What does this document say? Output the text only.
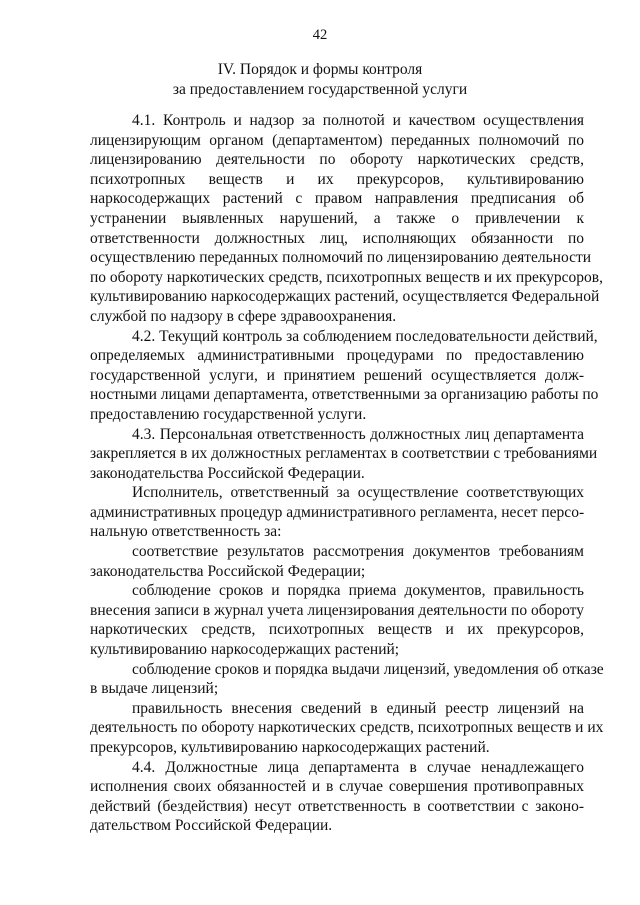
42
IV. Порядок и формы контроля
за предоставлением государственной услуги
4.1. Контроль и надзор за полнотой и качеством осуществления
лицензирующим органом (департаментом) переданных полномочий по
лицензированию деятельности по обороту наркотических средств,
психотропных веществ и их прекурсоров, культивированию
наркосодержащих растений с правом направления предписания об
устранении выявленных нарушений, а также о привлечении к
ответственности должностных лиц, исполняющих обязанности по
осуществлению переданных полномочий по лицензированию деятельности
по обороту наркотических средств, психотропных веществ и их прекурсоров,
культивированию наркосодержащих растений, осуществляется Федеральной
службой по надзору в сфере здравоохранения.
4.2. Текущий контроль за соблюдением последовательности действий,
определяемых административными процедурами по предоставлению
государственной услуги, и принятием решений осуществляется долж-
ностными лицами департамента, ответственными за организацию работы по
предоставлению государственной услуги.
4.3. Персональная ответственность должностных лиц департамента
закрепляется в их должностных регламентах в соответствии с требованиями
законодательства Российской Федерации.
Исполнитель, ответственный за осуществление соответствующих
административных процедур административного регламента, несет персо-
нальную ответственность за:
соответствие результатов рассмотрения документов требованиям
законодательства Российской Федерации;
соблюдение сроков и порядка приема документов, правильность
внесения записи в журнал учета лицензирования деятельности по обороту
наркотических средств, психотропных веществ и их прекурсоров,
культивированию наркосодержащих растений;
соблюдение сроков и порядка выдачи лицензий, уведомления об отказе
в выдаче лицензий;
правильность внесения сведений в единый реестр лицензий на
деятельность по обороту наркотических средств, психотропных веществ и их
прекурсоров, культивированию наркосодержащих растений.
4.4. Должностные лица департамента в случае ненадлежащего
исполнения своих обязанностей и в случае совершения противоправных
действий (бездействия) несут ответственность в соответствии с законо-
дательством Российской Федерации.
